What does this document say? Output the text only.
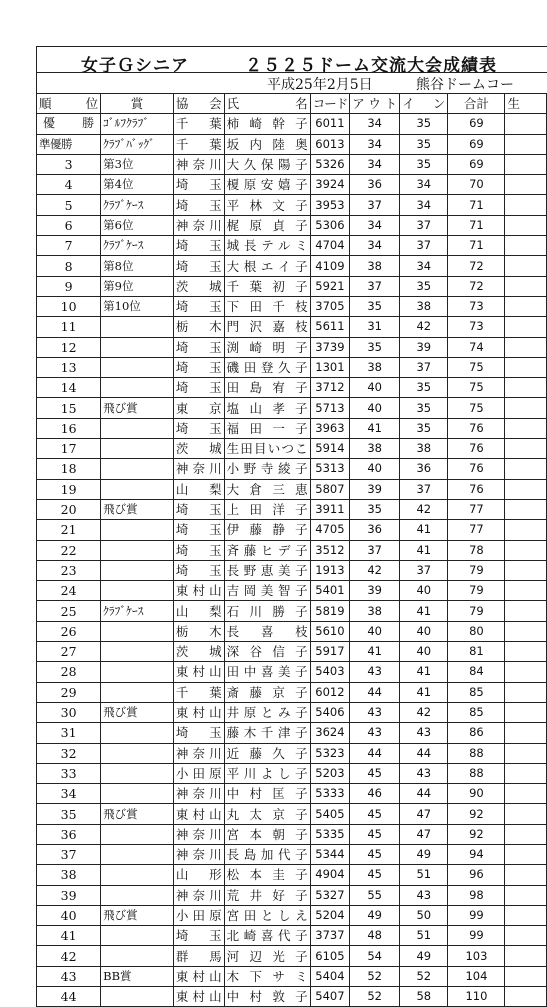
女子Ｇシニア	２５２５ドーム交流大会成績表
平成25年2月5日	熊谷ドームコー
順位	賞	協会	氏名	コード	アウト	イン	合計	生
優勝	ｺﾞﾙﾌｸﾗﾌﾞ	千葉	柿崎幹子	6011	34	35	69	
準優勝	ｸﾗﾌﾞﾊﾞｯｸﾞ	千葉	坂内陸奥	6013	34	35	69	
3	第3位	神奈川	大久保陽子	5326	34	35	69	
4	第4位	埼玉	榎原安嬉子	3924	36	34	70	
5	ｸﾗﾌﾞｹｰｽ	埼玉	平林文子	3953	37	34	71	
6	第6位	神奈川	梶原貞子	5306	34	37	71	
7	ｸﾗﾌﾞｹｰｽ	埼玉	城長テルミ	4704	34	37	71	
8	第8位	埼玉	大根エイ子	4109	38	34	72	
9	第9位	茨城	千葉初子	5921	37	35	72	
10	第10位	埼玉	下田千枝	3705	35	38	73	
11		栃木	門沢嘉枝	5611	31	42	73	
12		埼玉	渕崎明子	3739	35	39	74	
13		埼玉	磯田登久子	1301	38	37	75	
14		埼玉	田島宥子	3712	40	35	75	
15	飛び賞	東京	塩山孝子	5713	40	35	75	
16		埼玉	福田一子	3963	41	35	76	
17		茨城	生田目いつこ	5914	38	38	76	
18		神奈川	小野寺綾子	5313	40	36	76	
19		山梨	大倉三恵	5807	39	37	76	
20	飛び賞	埼玉	上田洋子	3911	35	42	77	
21		埼玉	伊藤静子	4705	36	41	77	
22		埼玉	斉藤ヒデ子	3512	37	41	78	
23		埼玉	長野恵美子	1913	42	37	79	
24		東村山	吉岡美智子	5401	39	40	79	
25	ｸﾗﾌﾞｹｰｽ	山梨	石川勝子	5819	38	41	79	
26		栃木	長喜枝	5610	40	40	80	
27		茨城	深谷信子	5917	41	40	81	
28		東村山	田中喜美子	5403	43	41	84	
29		千葉	斎藤京子	6012	44	41	85	
30	飛び賞	東村山	井原とみ子	5406	43	42	85	
31		埼玉	藤木千津子	3624	43	43	86	
32		神奈川	近藤久子	5323	44	44	88	
33		小田原	平川よし子	5203	45	43	88	
34		神奈川	中村匡子	5333	46	44	90	
35	飛び賞	東村山	丸太京子	5405	45	47	92	
36		神奈川	宮本朝子	5335	45	47	92	
37		神奈川	長島加代子	5344	45	49	94	
38		山形	松本圭子	4904	45	51	96	
39		神奈川	荒井好子	5327	55	43	98	
40	飛び賞	小田原	宮田としえ	5204	49	50	99	
41		埼玉	北崎喜代子	3737	48	51	99	
42		群馬	河辺光子	6105	54	49	103	
43	BB賞	東村山	木下サミ	5404	52	52	104	
44		東村山	中村敦子	5407	52	58	110	
